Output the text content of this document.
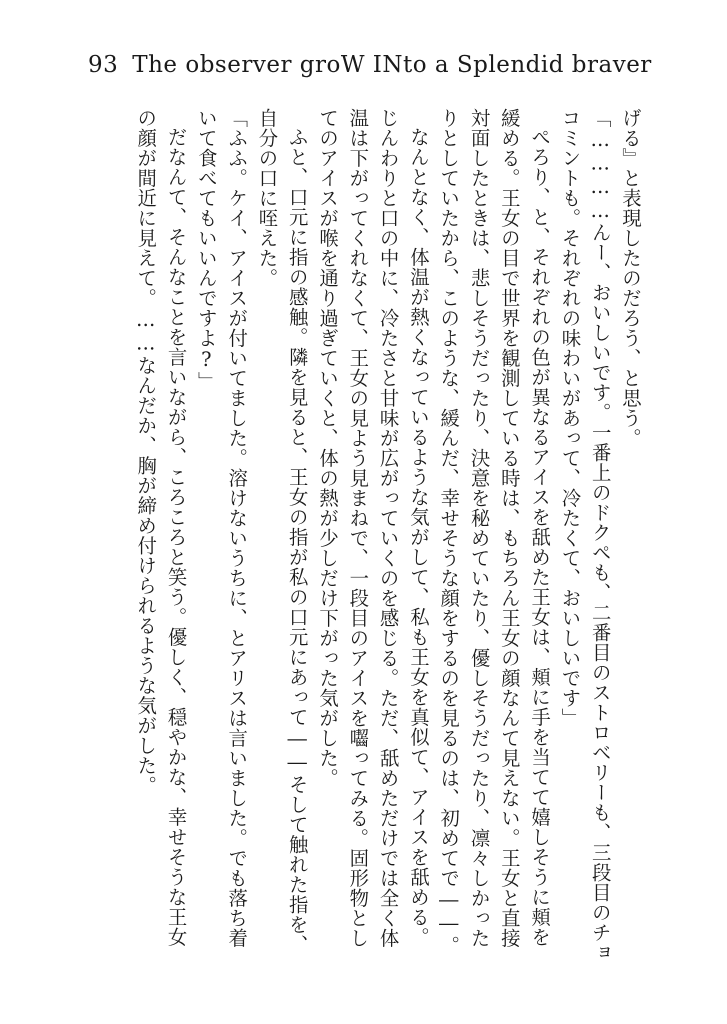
93 The observer groW INto a Splendid braver

げる』と表現したのだろう、と思う。

「…………んー、おいしいです。一番上のドクペも、二番目のストロベリーも、三段目のチョ

コミントも。それぞれの味わいがあって、冷たくて、おいしいです」

ぺろり、と、それぞれの色が異なるアイスを舐めた王女は、頬に手を当てて嬉しそうに頬を

緩める。王女の目で世界を観測している時は、もちろん王女の顔なんて見えない。王女と直接

対面したときは、悲しそうだったり、決意を秘めていたり、優しそうだったり、凛々しかった

りとしていたから、このような、緩んだ、幸せそうな顔をするのを見るのは、初めてで――。

なんとなく、体温が熱くなっているような気がして、私も王女を真似て、アイスを舐める。

じんわりと口の中に、冷たさと甘味が広がっていくのを感じる。ただ、舐めただけでは全く体

温は下がってくれなくて、王女の見よう見まねで、一段目のアイスを囓ってみる。固形物とし

てのアイスが喉を通り過ぎていくと、体の熱が少しだけ下がった気がした。

ふと、口元に指の感触。隣を見ると、王女の指が私の口元にあって――そして触れた指を、

自分の口に咥えた。

「ふふ。ケイ、アイスが付いてました。溶けないうちに、とアリスは言いました。でも落ち着

いて食べてもいいんですよ?」

だなんて、そんなことを言いながら、ころころと笑う。優しく、穏やかな、幸せそうな王女

の顔が間近に見えて。……なんだか、胸が締め付けられるような気がした。
